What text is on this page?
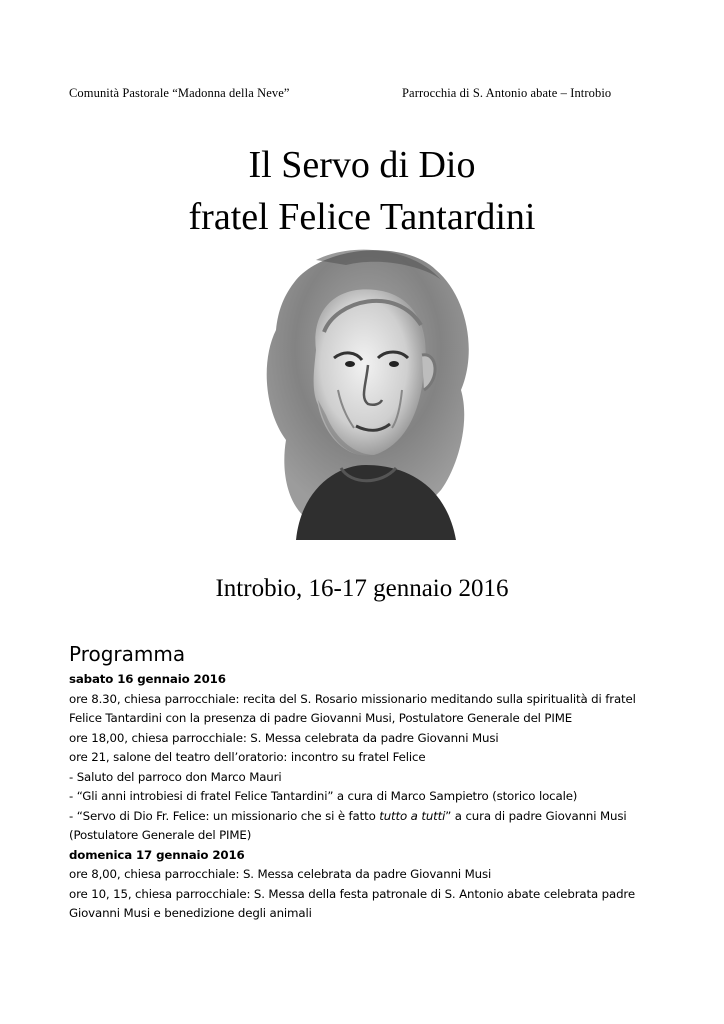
Comunità Pastorale “Madonna della Neve”	Parrocchia di S. Antonio abate – Introbio
Il Servo di Dio
fratel Felice Tantardini
Introbio, 16-17 gennaio 2016
Programma
sabato 16 gennaio 2016
ore 8.30, chiesa parrocchiale: recita del S. Rosario missionario meditando sulla spiritualità di fratel
Felice Tantardini con la presenza di padre Giovanni Musi, Postulatore Generale del PIME
ore 18,00, chiesa parrocchiale: S. Messa celebrata da padre Giovanni Musi
ore 21, salone del teatro dell’oratorio: incontro su fratel Felice
- Saluto del parroco don Marco Mauri
- “Gli anni introbiesi di fratel Felice Tantardini” a cura di Marco Sampietro (storico locale)
- “Servo di Dio Fr. Felice: un missionario che si è fatto tutto a tutti” a cura di padre Giovanni Musi
(Postulatore Generale del PIME)
domenica 17 gennaio 2016
ore 8,00, chiesa parrocchiale: S. Messa celebrata da padre Giovanni Musi
ore 10, 15, chiesa parrocchiale: S. Messa della festa patronale di S. Antonio abate celebrata padre
Giovanni Musi e benedizione degli animali
